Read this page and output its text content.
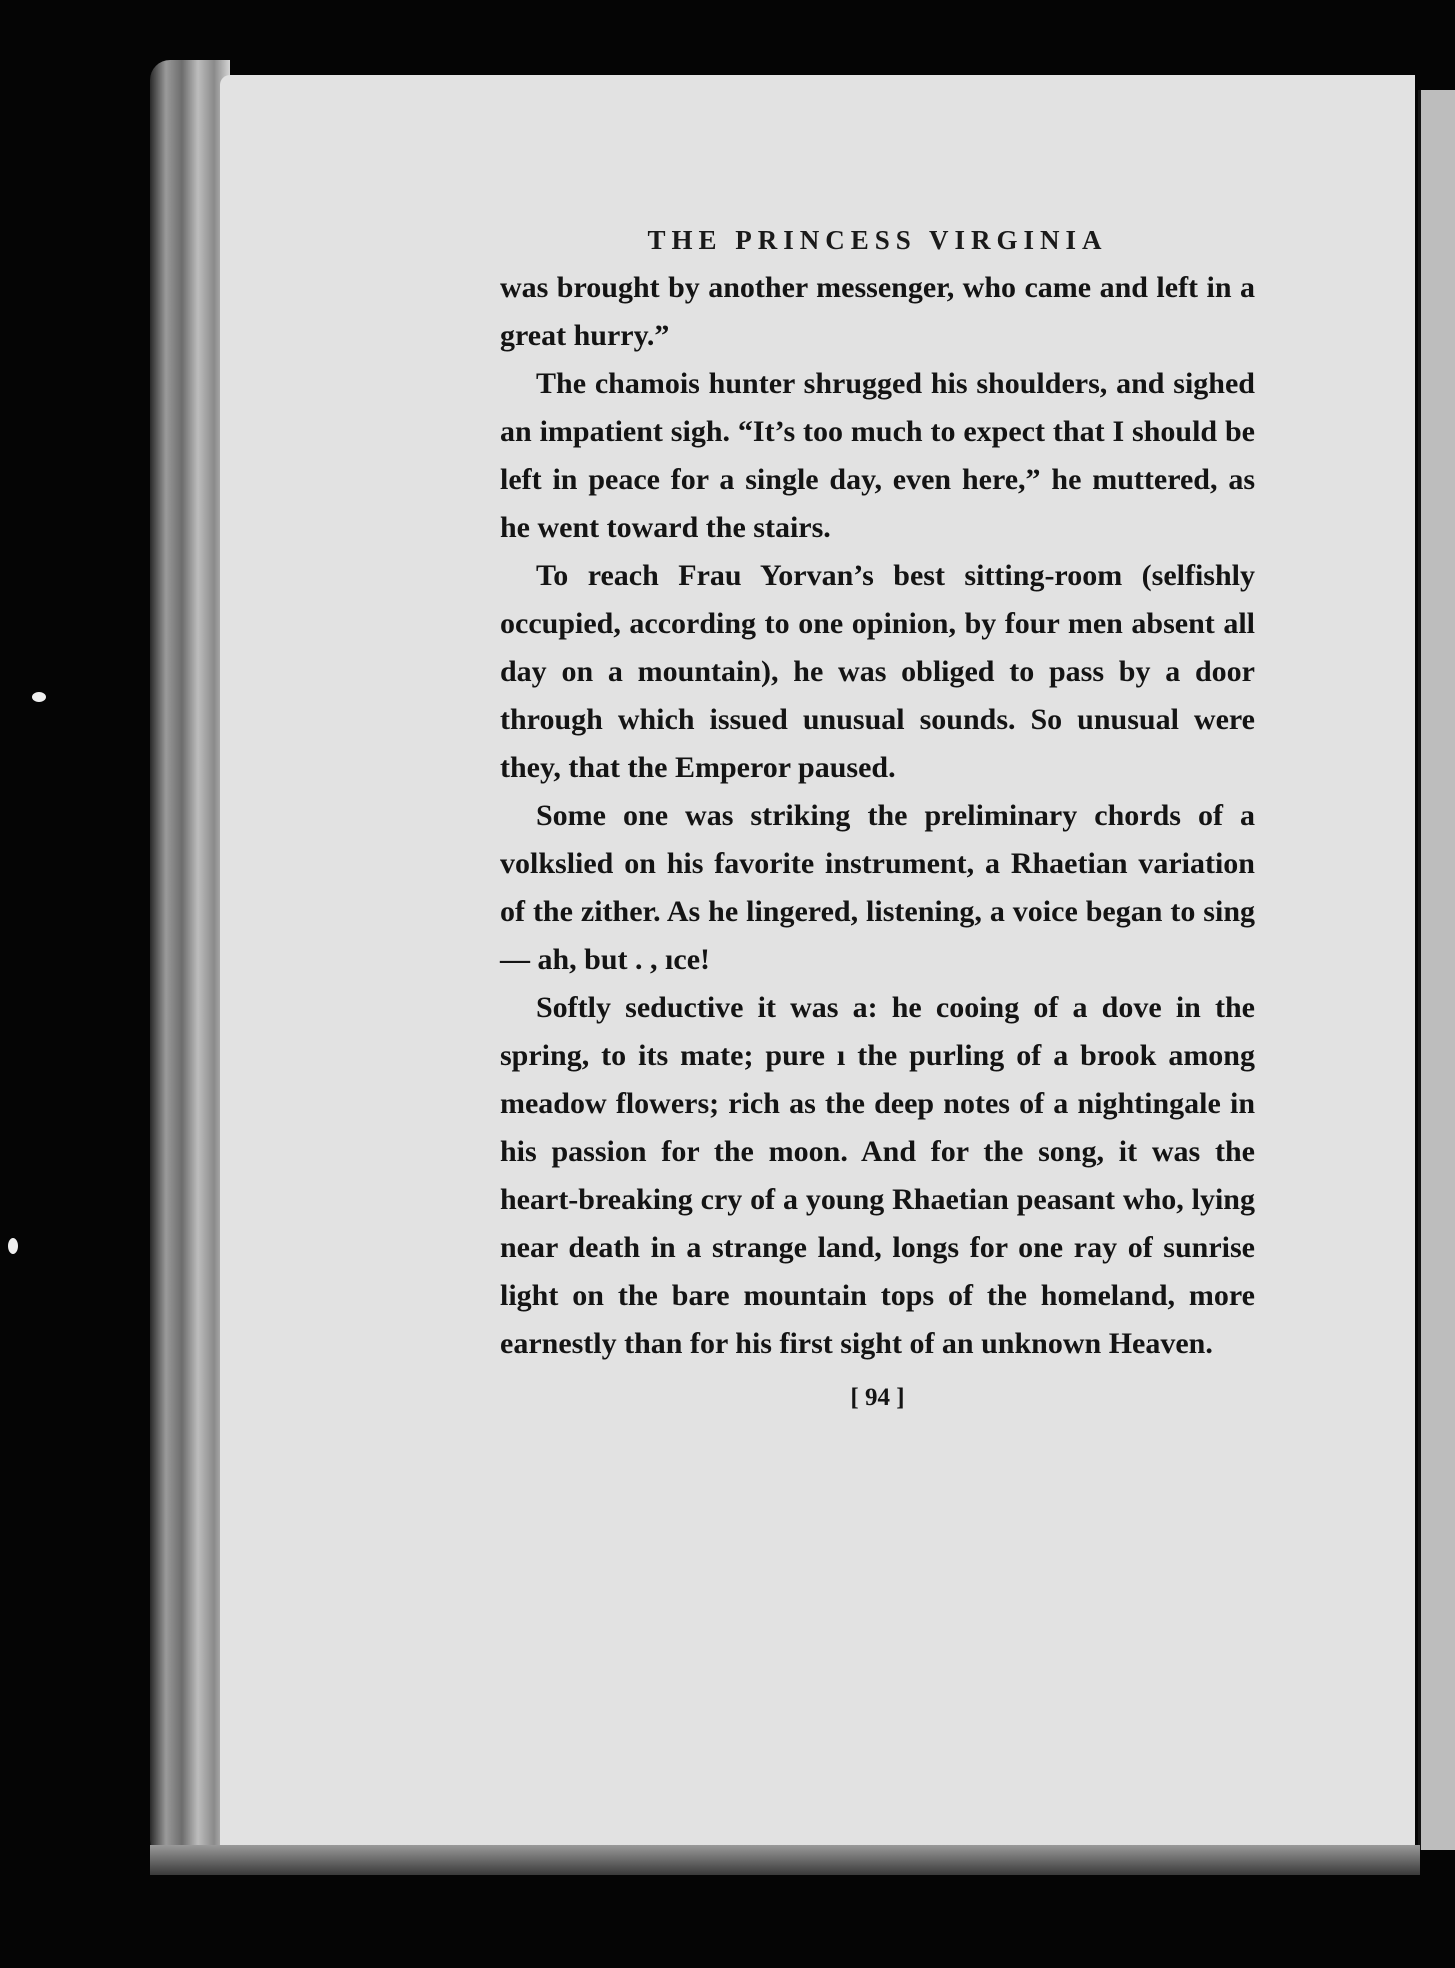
THE PRINCESS VIRGINIA

was brought by another messenger, who came and left in a great hurry.”

The chamois hunter shrugged his shoulders, and sighed an impatient sigh. “It’s too much to expect that I should be left in peace for a single day, even here,” he muttered, as he went toward the stairs.

To reach Frau Yorvan’s best sitting-room (selfishly occupied, according to one opinion, by four men absent all day on a mountain), he was obliged to pass by a door through which issued unusual sounds. So unusual were they, that the Emperor paused.

Some one was striking the preliminary chords of a volkslied on his favorite instrument, a Rhaetian variation of the zither. As he lingered, listening, a voice began to sing — ah, but . , ıce!

Softly seductive it was a: he cooing of a dove in the spring, to its mate; pure ı the purling of a brook among meadow flowers; rich as the deep notes of a nightingale in his passion for the moon. And for the song, it was the heart-breaking cry of a young Rhaetian peasant who, lying near death in a strange land, longs for one ray of sunrise light on the bare mountain tops of the homeland, more earnestly than for his first sight of an unknown Heaven.

[ 94 ]
